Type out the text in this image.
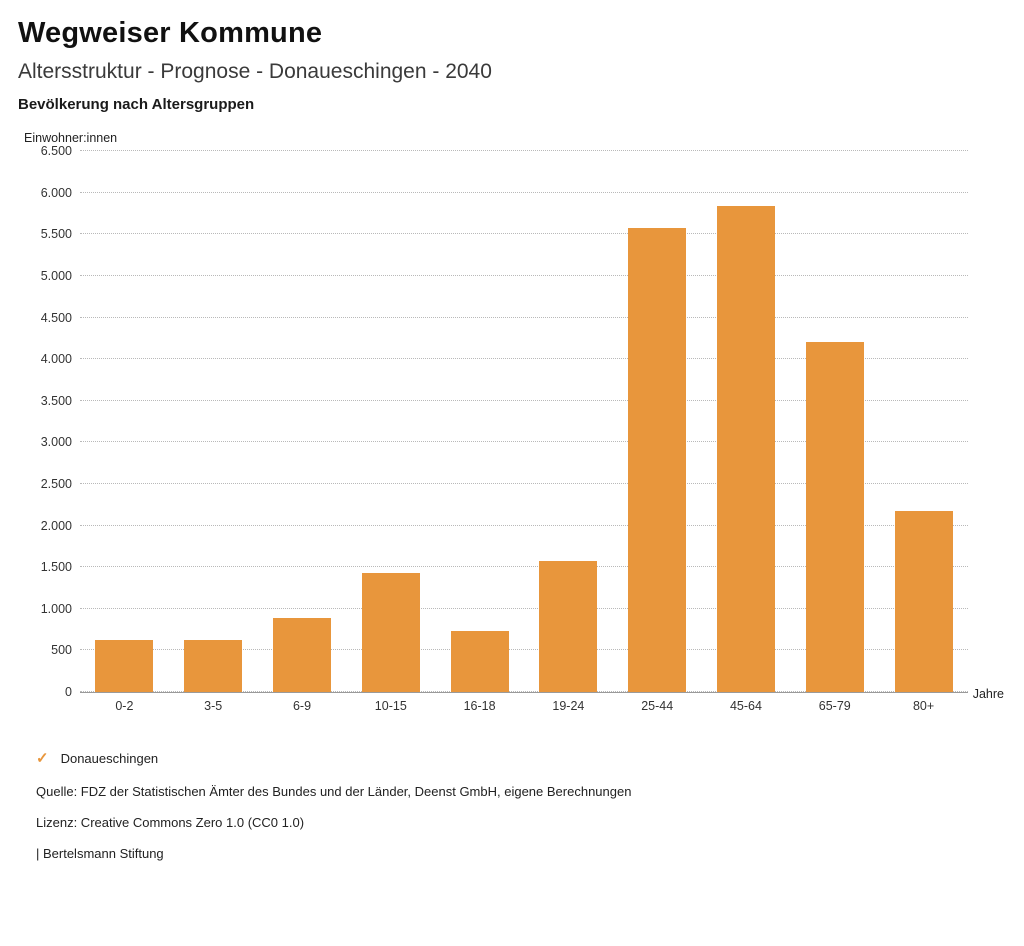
Wegweiser Kommune
Altersstruktur - Prognose - Donaueschingen - 2040
Bevölkerung nach Altersgruppen
Einwohner:innen
6.500
6.000
5.500
5.000
4.500
4.000
3.500
3.000
2.500
2.000
1.500
1.000
500
0
0-2	3-5	6-9	10-15	16-18	19-24	25-44	45-64	65-79	80+
Jahre
✓ Donaueschingen
Quelle: FDZ der Statistischen Ämter des Bundes und der Länder, Deenst GmbH, eigene Berechnungen
Lizenz: Creative Commons Zero 1.0 (CC0 1.0)
| Bertelsmann Stiftung
